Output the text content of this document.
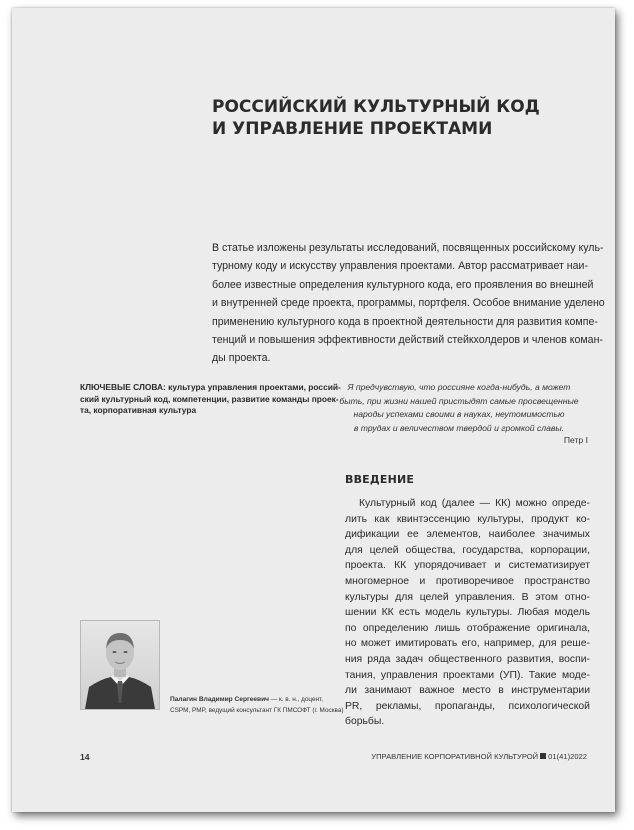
РОССИЙСКИЙ КУЛЬТУРНЫЙ КОД
И УПРАВЛЕНИЕ ПРОЕКТАМИ

В статье изложены результаты исследований, посвященных российскому куль-
турному коду и искусству управления проектами. Автор рассматривает наи-
более известные определения культурного кода, его проявления во внешней
и внутренней среде проекта, программы, портфеля. Особое внимание уделено
применению культурного кода в проектной деятельности для развития компе-
тенций и повышения эффективности действий стейкхолдеров и членов коман-
ды проекта.

КЛЮЧЕВЫЕ СЛОВА: культура управления проектами, россий-
ский культурный код, компетенции, развитие команды проек-
та, корпоративная культура

Я предчувствую, что россияне когда-нибудь, а может
быть, при жизни нашей пристыдят самые просвещенные
народы успехами своими в науках, неутомимостью
в трудах и величеством твердой и громкой славы.

Петр I

ВВЕДЕНИЕ

Культурный код (далее — КК) можно опреде-
лить как квинтэссенцию культуры, продукт ко-
дификации ее элементов, наиболее значимых
для целей общества, государства, корпорации,
проекта. КК упорядочивает и систематизирует
многомерное и противоречивое пространство
культуры для целей управления. В этом отно-
шении КК есть модель культуры. Любая модель
по определению лишь отображение оригинала,
но может имитировать его, например, для реше-
ния ряда задач общественного развития, воспи-
тания, управления проектами (УП). Такие моде-
ли занимают важное место в инструментарии
PR, рекламы, пропаганды, психологической
борьбы.

Палагин Владимир Сергеевич — к. в. н., доцент,
CSPM, PMP, ведущий консультант ГК ПМСОФТ (г. Москва)

14	УПРАВЛЕНИЕ КОРПОРАТИВНОЙ КУЛЬТУРОЙ 01(41)2022
